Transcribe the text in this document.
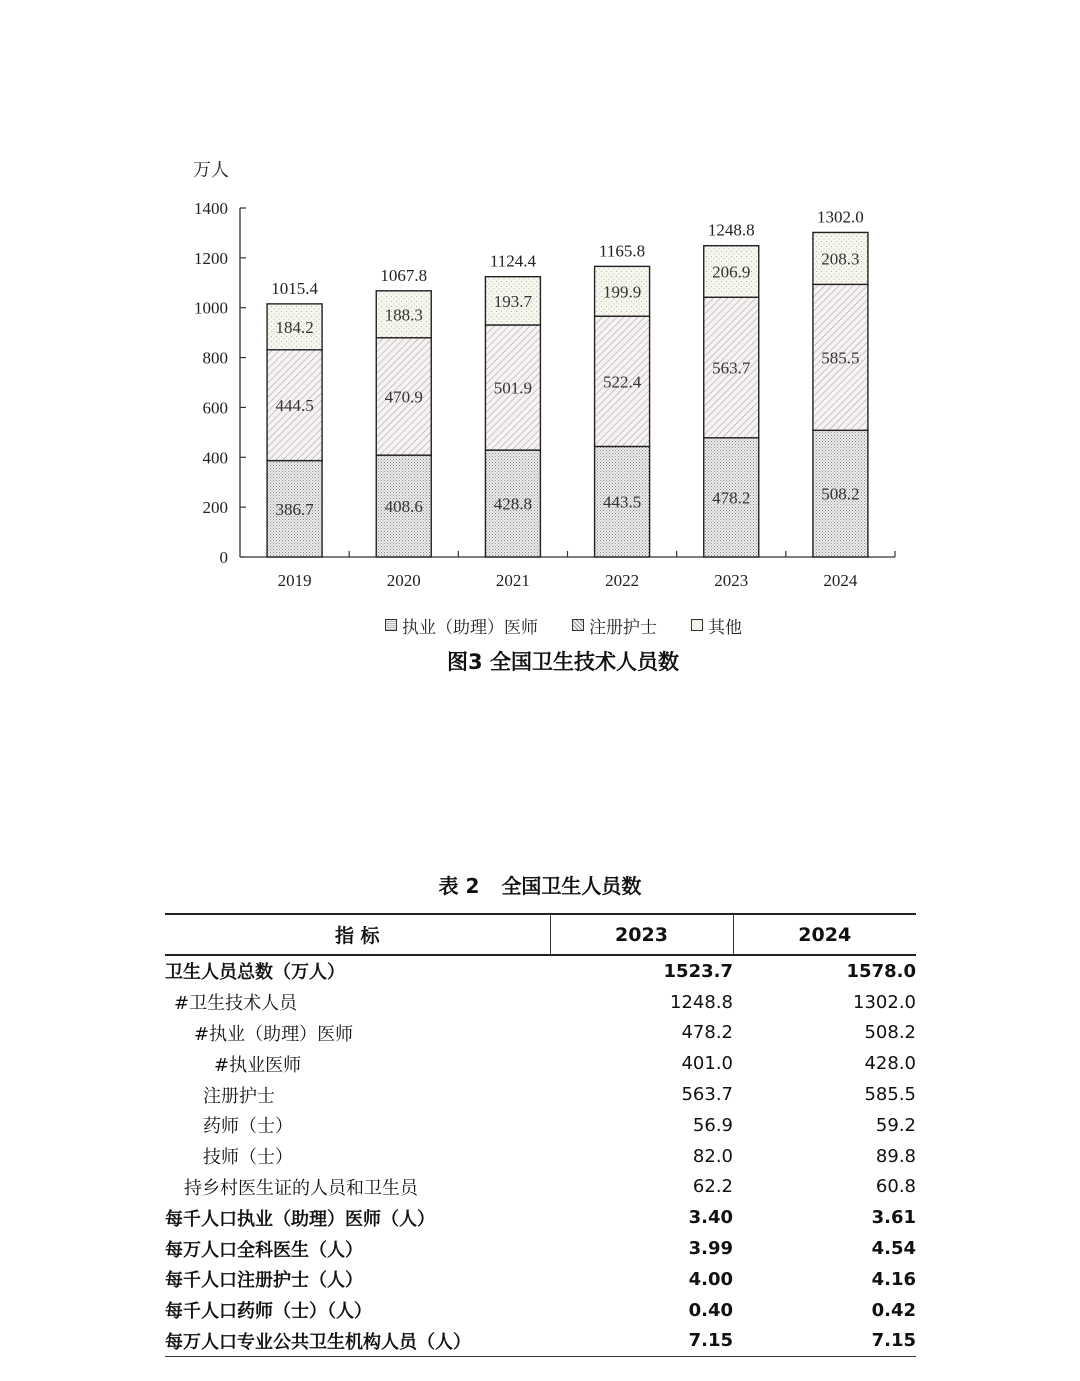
万人
0
200
400
600
800
1000
1200
1400
2019	2020	2021	2022	2023	2024
386.7
444.5
184.2
1015.4
408.6
470.9
188.3
1067.8
428.8
501.9
193.7
1124.4
443.5
522.4
199.9
1165.8
478.2
563.7
206.9
1248.8
508.2
585.5
208.3
1302.0
执业（助理）医师	注册护士	其他
图3 全国卫生技术人员数
表 2 全国卫生人员数
指 标	2023	2024
卫生人员总数（万人）	1523.7	1578.0
#卫生技术人员	1248.8	1302.0
#执业（助理）医师	478.2	508.2
#执业医师	401.0	428.0
注册护士	563.7	585.5
药师（士）	56.9	59.2
技师（士）	82.0	89.8
持乡村医生证的人员和卫生员	62.2	60.8
每千人口执业（助理）医师（人）	3.40	3.61
每万人口全科医生（人）	3.99	4.54
每千人口注册护士（人）	4.00	4.16
每千人口药师（士）（人）	0.40	0.42
每万人口专业公共卫生机构人员（人）	7.15	7.15
